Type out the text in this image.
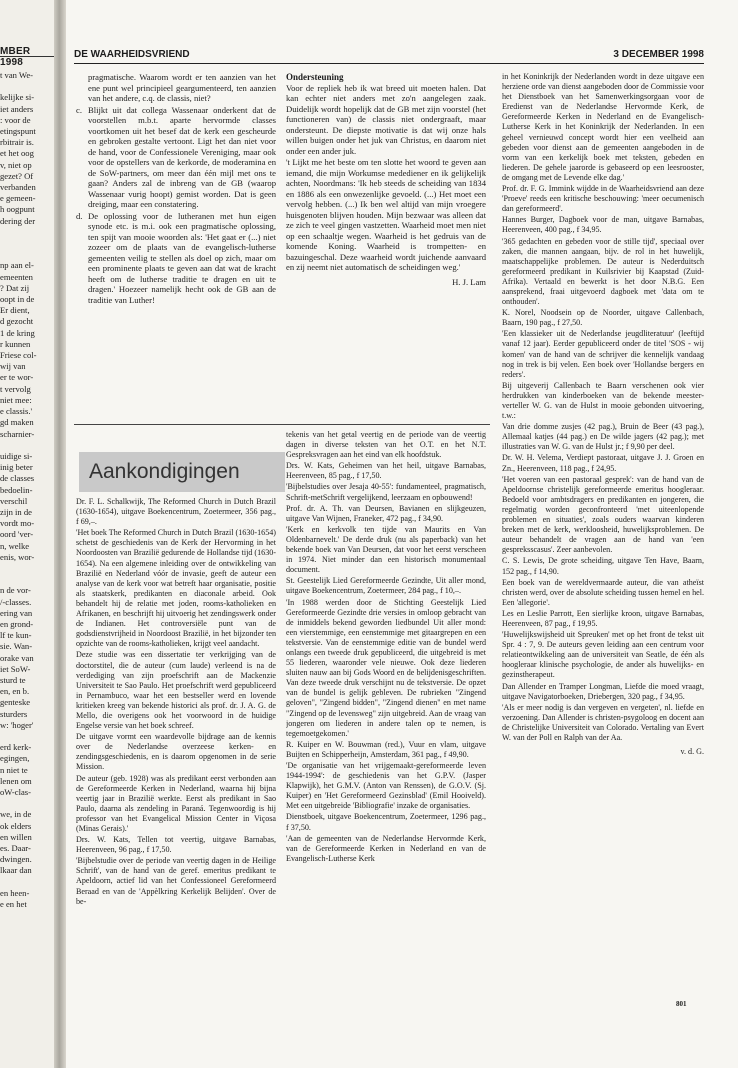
MBER 1998
t van We-

kelijke si-
iet anders
: voor de
etingspunt
rbitrair is.
et het oog
v, niet op
gezet? Of
verbanden
e gemeen-
h oogpunt
dering der

np aan el-
emeenten
? Dat zij
oopt in de
Er dient,
d gezocht
1 de kring
r kunnen
Friese col-
wij van
er te wor-
t vervolg
niet mee:
e classis.'
gd maken
scharnier-

uidige si-
inig beter
de classes
bedoelin-
verschil
zijn in de
vordt mo-
oord 'ver-
n, welke
enis, wor-

n de vor-
/-classes.
ering van
en grond-
lf te kun-
sie. Wan-
orake van
iet SoW-
sturd te
en, en b.
genteske
sturders
w: 'hoger'

erd kerk-
egingen,
n niet te
lenen om
oW-clas-

we, in de
ok elders
en willen
es. Daar-
dwingen.
lkaar dan

en heen-
e en het
DE WAARHEIDSVRIEND	3 DECEMBER 1998

pragmatische. Waarom wordt er ten aanzien van het ene punt wel principieel geargumenteerd, ten aanzien van het andere, c.q. de classis, niet?

c. Blijkt uit dat collega Wassenaar onderkent dat de voorstellen m.b.t. aparte hervormde classes voortkomen uit het besef dat de kerk een gescheurde en gebroken gestalte vertoont. Ligt het dan niet voor de hand, voor de Confessionele Vereniging, maar ook voor de opstellers van de kerkorde, de moderamina en de SoW-partners, om meer dan één mijl met ons te gaan? Anders zal de inbreng van de GB (waarop Wassenaar vurig hoopt) gemist worden. Dat is geen dreiging, maar een constatering.
d. De oplossing voor de lutheranen met hun eigen synode etc. is m.i. ook een pragmatische oplossing, ten spijt van mooie woorden als: 'Het gaat er (...) niet zozeer om de plaats van de evangelisch-lutherse gemeenten veilig te stellen als doel op zich, maar om een prominente plaats te geven aan dat wat de kracht heeft om de lutherse traditie te dragen en uit te dragen.' Hoezeer namelijk hecht ook de GB aan de traditie van Luther!
Ondersteuning

Voor de repliek heb ik wat breed uit moeten halen. Dat kan echter niet anders met zo'n aangelegen zaak. Duidelijk wordt hopelijk dat de GB met zijn voorstel (het functioneren van) de classis niet ondergraaft, maar ondersteunt. De diepste motivatie is dat wij onze hals willen buigen onder het juk van Christus, en daarom niet onder een ander juk.

't Lijkt me het beste om ten slotte het woord te geven aan iemand, die mijn Workumse medediener en ik gelijkelijk achten, Noordmans: 'Ik heb steeds de scheiding van 1834 en 1886 als een onwezenlijke gevoeld. (...) Het moet een vervolg hebben. (...) Ik ben wel altijd van mijn vroegere huisgenoten blijven houden. Mijn bezwaar was alleen dat ze zich te veel gingen vastzetten. Waarheid moet men niet op een schaaltje wegen. Waarheid is het gedruis van de komende Koning. Waarheid is trompetten- en bazuingeschal. Deze waarheid wordt juichende aanvaard en zij neemt niet automatisch de scheidingen weg.'

H. J. Lam
Aankondigingen

Dr. F. L. Schalkwijk, The Reformed Church in Dutch Brazil (1630-1654), uitgave Boekencentrum, Zoetermeer, 356 pag., f 69,–.

'Het boek The Reformed Church in Dutch Brazil (1630-1654) schetst de geschiedenis van de Kerk der Hervorming in het Noordoosten van Brazilië gedurende de Hollandse tijd (1630-1654). Na een algemene inleiding over de ontwikkeling van Brazilië en Nederland vóór de invasie, geeft de auteur een analyse van de kerk voor wat betreft haar organisatie, positie als staatskerk, predikanten en diaconale arbeid. Ook behandelt hij de relatie met joden, rooms-katholieken en Afrikanen, en beschrijft hij uitvoerig het zendingswerk onder de Indianen. Het controversiële punt van de godsdienstvrijheid in Noordoost Brazilië, in het bijzonder ten opzichte van de rooms-katholieken, krijgt veel aandacht.

Deze studie was een dissertatie ter verkrijging van de doctorstitel, die de auteur (cum laude) verleend is na de verdediging van zijn proefschrift aan de Mackenzie Universiteit te Sao Paulo. Het proefschrift werd gepubliceerd in Pernambuco, waar het een bestseller werd en lovende kritieken kreeg van bekende historici als prof. dr. J. A. G. de Mello, die overigens ook het voorwoord in de huidige Engelse versie van het boek schreef.

De uitgave vormt een waardevolle bijdrage aan de kennis over de Nederlandse overzeese kerken- en zendingsgeschiedenis, en is daarom opgenomen in de serie Mission.

De auteur (geb. 1928) was als predikant eerst verbonden aan de Gereformeerde Kerken in Nederland, waarna hij bijna veertig jaar in Brazilië werkte. Eerst als predikant in Sao Paulo, daarna als zendeling in Paraná. Tegenwoordig is hij professor van het Evangelical Mission Center in Viçosa (Minas Gerais).'

Drs. W. Kats, Tellen tot veertig, uitgave Barnabas, Heerenveen, 96 pag., f 17,50.

'Bijbelstudie over de periode van veertig dagen in de Heilige Schrift', van de hand van de geref. emeritus predikant te Apeldoorn, actief lid van het Confessioneel Gereformeerd Beraad en van de 'Appèlkring Kerkelijk Belijden'. Over de be-

tekenis van het getal veertig en de periode van de veertig dagen in diverse teksten van het O.T. en het N.T. Gespreksvragen aan het eind van elk hoofdstuk.

Drs. W. Kats, Geheimen van het heil, uitgave Barnabas, Heerenveen, 85 pag., f 17,50.

'Bijbelstudies over Jesaja 40-55': fundamenteel, pragmatisch, Schrift-metSchrift vergelijkend, leerzaam en opbouwend!

Prof. dr. A. Th. van Deursen, Bavianen en slijkgeuzen, uitgave Van Wijnen, Franeker, 472 pag., f 34,90.

'Kerk en kerkvolk ten tijde van Maurits en Van Oldenbarnevelt.' De derde druk (nu als paperback) van het bekende boek van Van Deursen, dat voor het eerst verscheen in 1974. Niet minder dan een historisch monumentaal document.

St. Geestelijk Lied Gereformeerde Gezindte, Uit aller mond, uitgave Boekencentrum, Zoetermeer, 284 pag., f 10,–.

'In 1988 werden door de Stichting Geestelijk Lied Gereformeerde Gezindte drie versies in omloop gebracht van de inmiddels bekend geworden liedbundel Uit aller mond: een vierstemmige, een eenstemmige met gitaargrepen en een tekstversie. Van de eenstemmige editie van de bundel werd onlangs een tweede druk gepubliceerd, die uitgebreid is met 55 liederen, waaronder vele nieuwe. Ook deze liederen sluiten nauw aan bij Gods Woord en de belijdenisgeschriften. Van deze tweede druk verschijnt nu de tekstversie. De opzet van de bundel is gelijk gebleven. De rubrieken "Zingend geloven", "Zingend bidden", "Zingend dienen" en met name "Zingend op de levensweg" zijn uitgebreid. Aan de vraag van jongeren om liederen in andere talen op te nemen, is tegemoetgekomen.'

R. Kuiper en W. Bouwman (red.), Vuur en vlam, uitgave Buijten en Schipperheijn, Amsterdam, 361 pag., f 49,90.

'De organisatie van het vrijgemaakt-gereformeerde leven 1944-1994': de geschiedenis van het G.P.V. (Jasper Klapwijk), het G.M.V. (Anton van Renssen), de G.O.V. (Sj. Kuiper) en 'Het Gereformeerd Gezinsblad' (Emil Hooiveld). Met een uitgebreide 'Bibliografie' inzake de organisaties.

Dienstboek, uitgave Boekencentrum, Zoetermeer, 1296 pag., f 37,50.

'Aan de gemeenten van de Nederlandse Hervormde Kerk, van de Gereformeerde Kerken in Nederland en van de Evangelisch-Lutherse Kerk

in het Koninkrijk der Nederlanden wordt in deze uitgave een herziene orde van dienst aangeboden door de Commissie voor het Dienstboek van het Samenwerkingsorgaan voor de Eredienst van de Nederlandse Hervormde Kerk, de Gereformeerde Kerken in Nederland en de Evangelisch-Lutherse Kerk in het Koninkrijk der Nederlanden. In een geheel vernieuwd concept wordt hier een veelheid aan gebeden voor dienst aan de gemeenten aangeboden in de vorm van een kerkelijk boek met teksten, gebeden en liederen. De gehele jaarorde is gebaseerd op een leesrooster, de omgang met de Levende elke dag.'

Prof. dr. F. G. Immink wijdde in de Waarheidsvriend aan deze 'Proeve' reeds een kritische beschouwing: 'meer oecumenisch dan gereformeerd'.

Hannes Burger, Dagboek voor de man, uitgave Barnabas, Heerenveen, 400 pag., f 34,95.

'365 gedachten en gebeden voor de stille tijd', speciaal over zaken, die mannen aangaan, bijv. de rol in het huwelijk, maatschappelijke problemen. De auteur is Nederduitsch gereformeerd predikant in Kuilsrivier bij Kaapstad (Zuid-Afrika). Vertaald en bewerkt is het door N.B.G. Een aansprekend, fraai uitgevoerd dagboek met 'data om te onthouden'.

K. Norel, Noodsein op de Noorder, uitgave Callenbach, Baarn, 190 pag., f 27,50.

'Een klassieker uit de Nederlandse jeugdliteratuur' (leeftijd vanaf 12 jaar). Eerder gepubliceerd onder de titel 'SOS - wij komen' van de hand van de schrijver die kennelijk vandaag nog in trek is bij velen. Een boek over 'Hollandse bergers en reders'.

Bij uitgeverij Callenbach te Baarn verschenen ook vier herdrukken van kinderboeken van de bekende meester-verteller W. G. van de Hulst in mooie gebonden uitvoering, t.w.:

Van drie domme zusjes (42 pag.), Bruin de Beer (43 pag.), Allemaal katjes (44 pag.) en De wilde jagers (42 pag.); met illustraties van W. G. van de Hulst jr.; f 9,90 per deel.

Dr. W. H. Velema, Verdiept pastoraat, uitgave J. J. Groen en Zn., Heerenveen, 118 pag., f 24,95.

'Het voeren van een pastoraal gesprek': van de hand van de Apeldoornse christelijk gereformeerde emeritus hoogleraar. Bedoeld voor ambtsdragers en predikanten en jongeren, die regelmatig worden geconfronteerd 'met uiteenlopende problemen en situaties', zoals ouders waarvan kinderen breken met de kerk, werkloosheid, huwelijksproblemen. De auteur behandelt de vragen aan de hand van 'een gespreksscasus'. Zeer aanbevolen.

C. S. Lewis, De grote scheiding, uitgave Ten Have, Baarn, 152 pag., f 14,90.

Een boek van de wereldvermaarde auteur, die van atheïst christen werd, over de absolute scheiding tussen hemel en hel. Een 'allegorie'.

Les en Leslie Parrott, Een sierlijke kroon, uitgave Barnabas, Heerenveen, 87 pag., f 19,95.

'Huwelijkswijsheid uit Spreuken' met op het front de tekst uit Spr. 4 : 7, 9. De auteurs geven leiding aan een centrum voor relatieontwikkeling aan de universiteit van Seatle, de één als hoogleraar klinische psychologie, de ander als huwelijks- en gezinstherapeut.

Dan Allender en Tramper Longman, Liefde die moed vraagt, uitgave Navigatorboeken, Driebergen, 320 pag., f 34,95.

'Als er meer nodig is dan vergeven en vergeten', nl. liefde en verzoening. Dan Allender is christen-psygoloog en docent aan de Christelijke Universiteit van Colorado. Vertaling van Evert W. van der Poll en Ralph van der Aa.

v. d. G.
801
